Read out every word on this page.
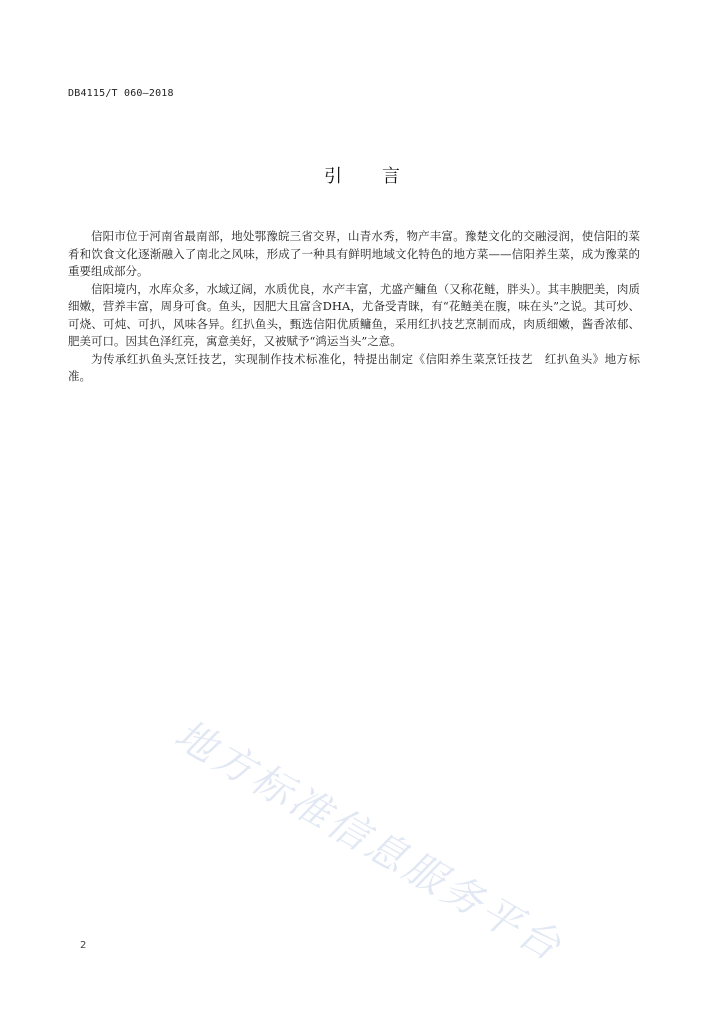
DB4115/T 060—2018
引 言

信阳市位于河南省最南部，地处鄂豫皖三省交界，山青水秀，物产丰富。豫楚文化的交融浸润，使信阳的菜肴和饮食文化逐渐融入了南北之风味，形成了一种具有鲜明地域文化特色的地方菜——信阳养生菜，成为豫菜的重要组成部分。

信阳境内，水库众多，水域辽阔，水质优良，水产丰富，尤盛产鳙鱼（又称花鲢，胖头）。其丰腴肥美，肉质细嫩，营养丰富，周身可食。鱼头，因肥大且富含DHA，尤备受青睐，有“花鲢美在腹，味在头”之说。其可炒、可烧、可炖、可扒，风味各异。红扒鱼头，甄选信阳优质鳙鱼，采用红扒技艺烹制而成，肉质细嫩，酱香浓郁、肥美可口。因其色泽红亮，寓意美好，又被赋予“鸿运当头”之意。

为传承红扒鱼头烹饪技艺，实现制作技术标准化，特提出制定《信阳养生菜烹饪技艺　红扒鱼头》地方标准。

地方标准信息服务平台
2
